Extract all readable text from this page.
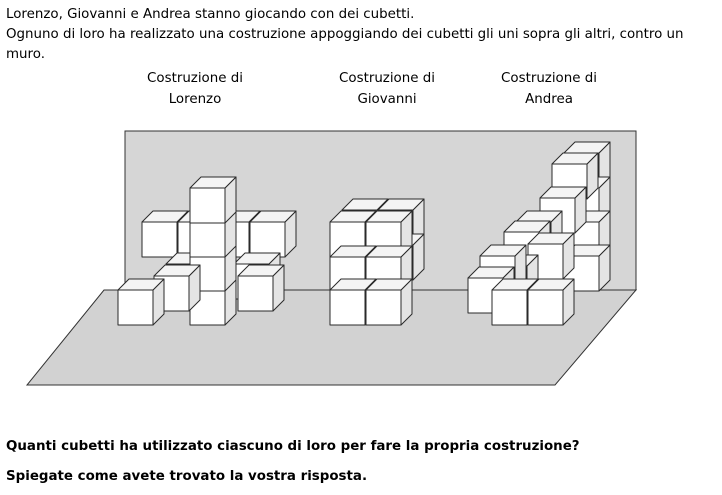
Lorenzo, Giovanni e Andrea stanno giocando con dei cubetti.

Ognuno di loro ha realizzato una costruzione appoggiando dei cubetti gli uni sopra gli altri, contro un muro.

Costruzione di
Lorenzo
Costruzione di
Giovanni
Costruzione di
Andrea
Quanti cubetti ha utilizzato ciascuno di loro per fare la propria costruzione?
Spiegate come avete trovato la vostra risposta.
